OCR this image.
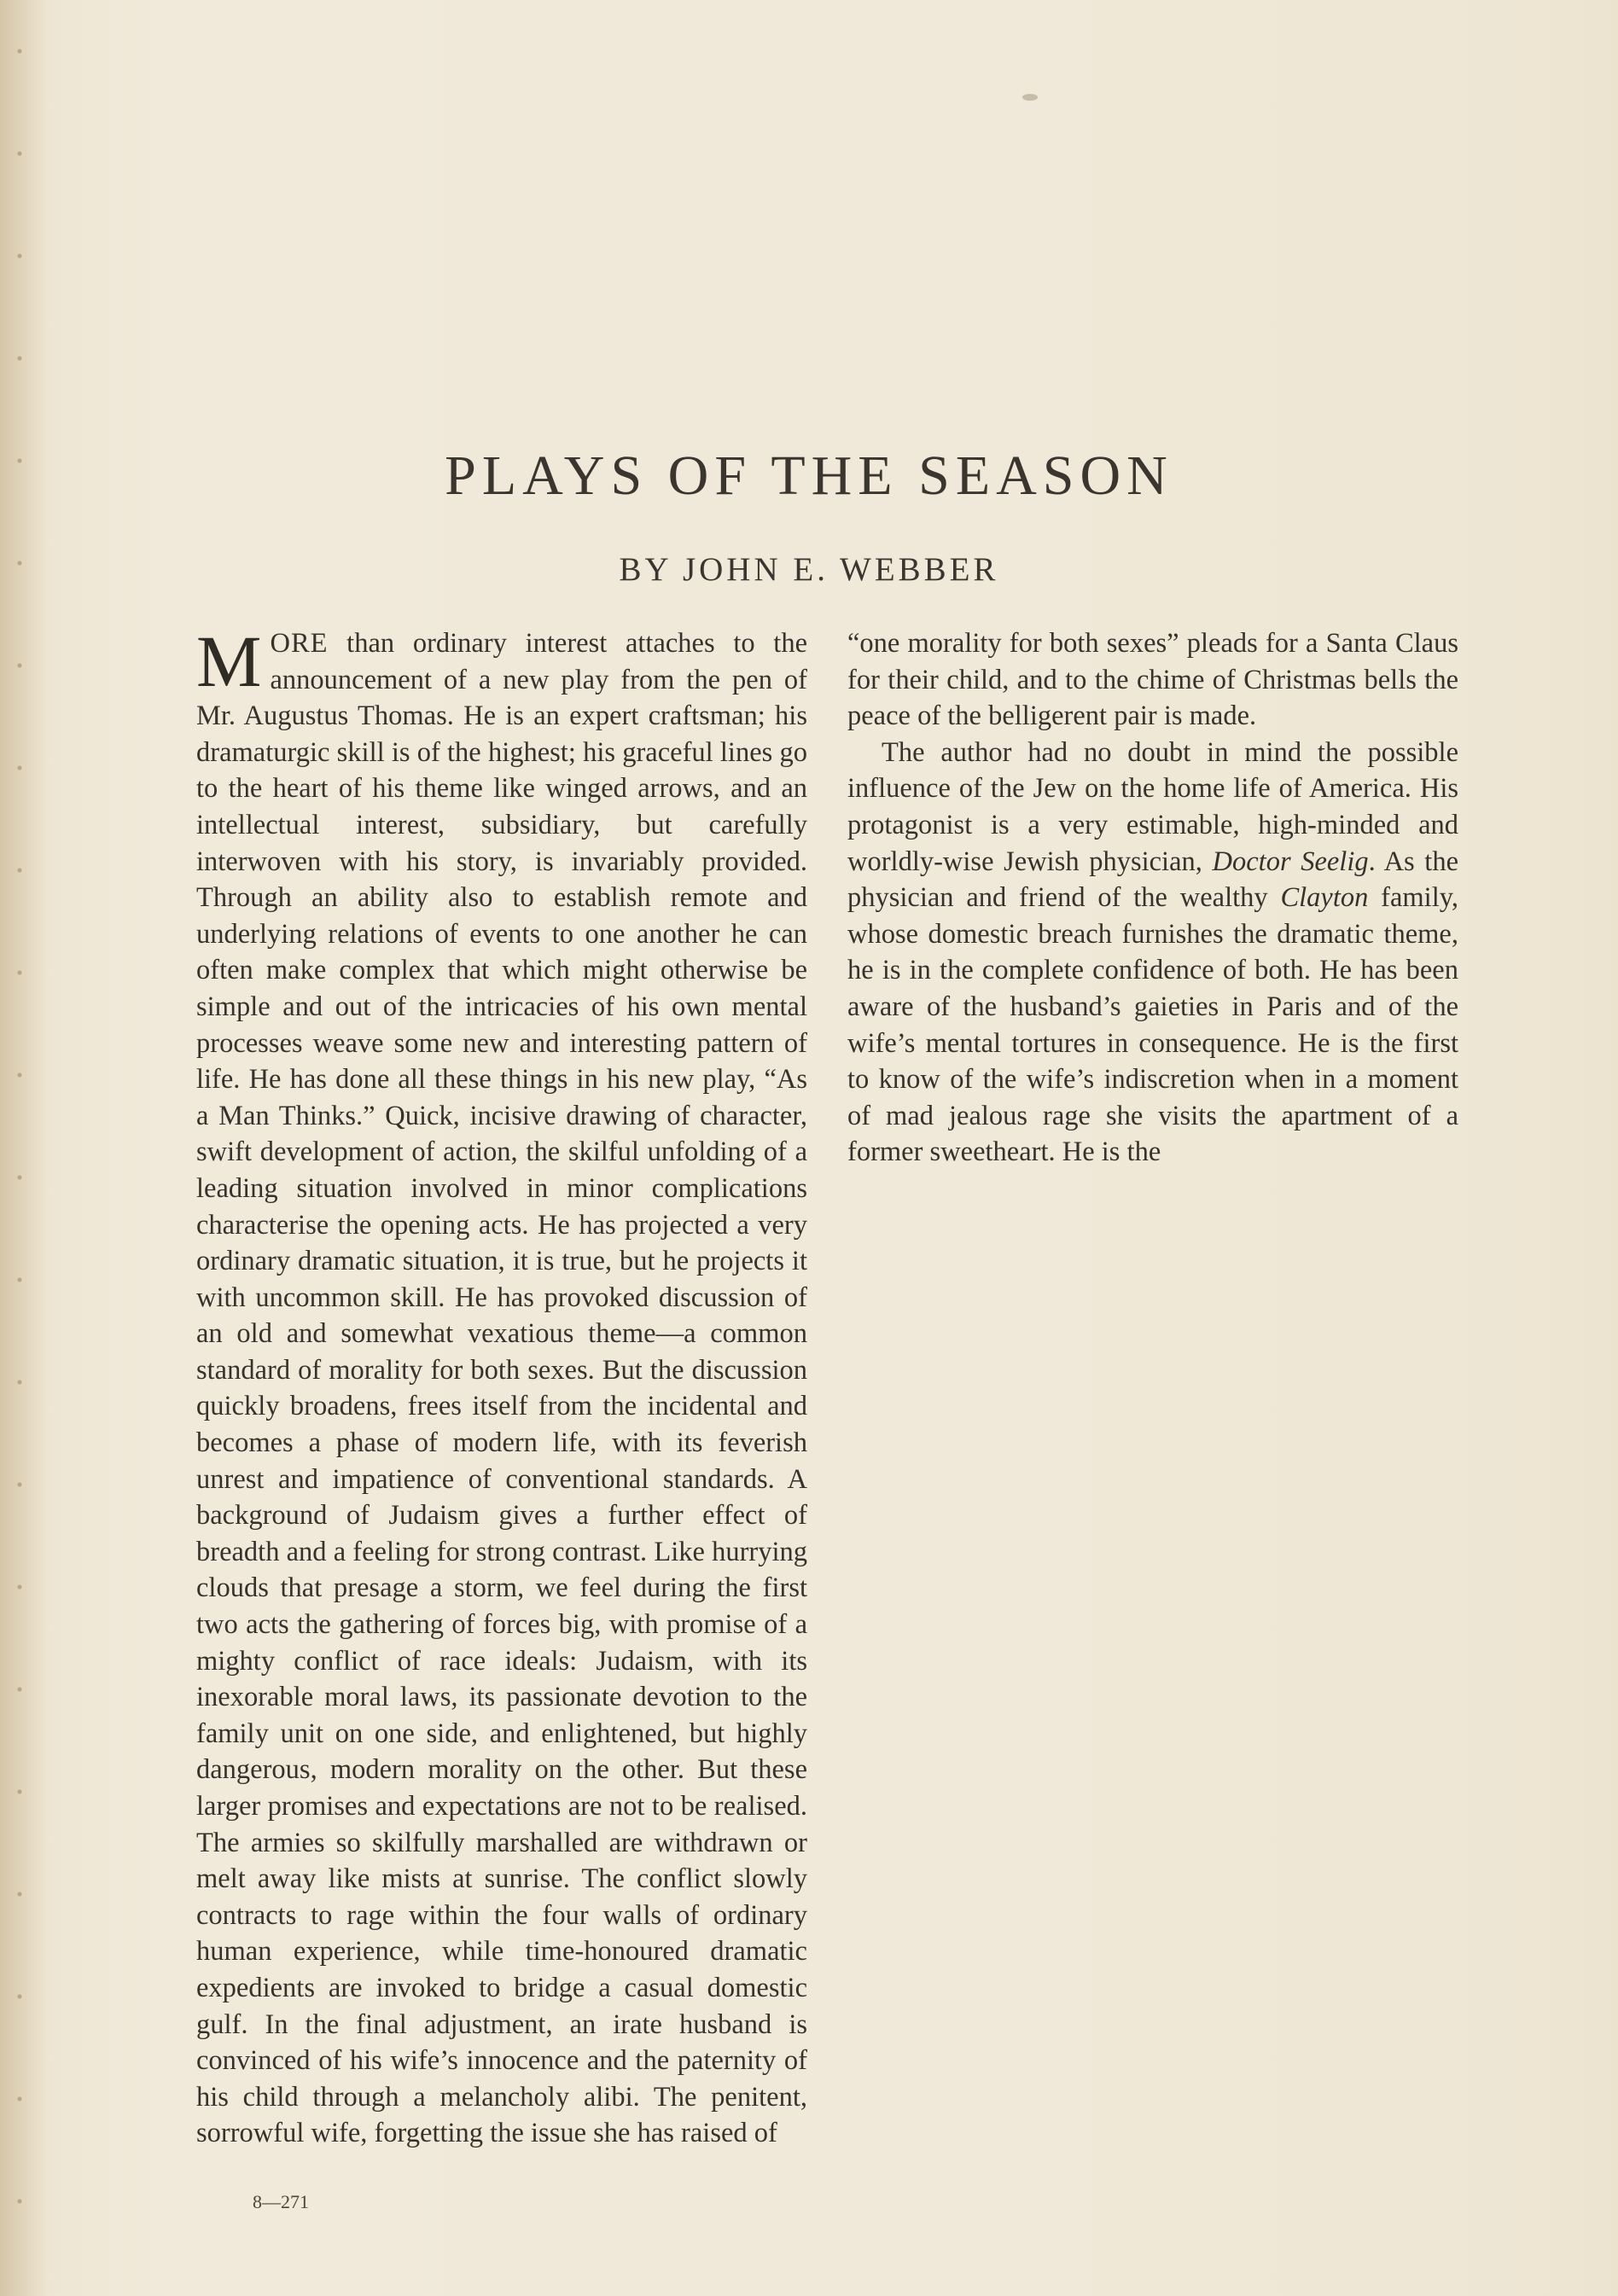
PLAYS OF THE SEASON
BY JOHN E. WEBBER

MORE than ordinary interest attaches to the announcement of a new play from the pen of Mr. Augustus Thomas. He is an expert craftsman; his dramaturgic skill is of the highest; his graceful lines go to the heart of his theme like winged arrows, and an intellectual interest, subsidiary, but carefully interwoven with his story, is invariably provided. Through an ability also to establish remote and underlying relations of events to one another he can often make complex that which might otherwise be simple and out of the intricacies of his own mental processes weave some new and interesting pattern of life. He has done all these things in his new play, “As a Man Thinks.” Quick, incisive drawing of character, swift development of action, the skilful unfolding of a leading situation involved in minor complications characterise the opening acts. He has projected a very ordinary dramatic situation, it is true, but he projects it with uncommon skill. He has provoked discussion of an old and somewhat vexatious theme—a common standard of morality for both sexes. But the discussion quickly broadens, frees itself from the incidental and becomes a phase of modern life, with its feverish unrest and impatience of conventional standards. A background of Judaism gives a further effect of breadth and a feeling for strong contrast. Like hurrying clouds that presage a storm, we feel during the first two acts the gathering of forces big, with promise of a mighty conflict of race ideals: Judaism, with its inexorable moral laws, its passionate devotion to the family unit on one side, and enlightened, but highly dangerous, modern morality on the other. But these larger promises and expectations are not to be realised. The armies so skilfully marshalled are withdrawn or melt away like mists at sunrise. The conflict slowly contracts to rage within the four walls of ordinary human experience, while time-honoured dramatic expedients are invoked to bridge a casual domestic gulf. In the final adjustment, an irate husband is convinced of his wife’s innocence and the paternity of his child through a melancholy alibi. The penitent, sorrowful wife, forgetting the issue she has raised of

“one morality for both sexes” pleads for a Santa Claus for their child, and to the chime of Christmas bells the peace of the belligerent pair is made.

The author had no doubt in mind the possible influence of the Jew on the home life of America. His protagonist is a very estimable, high-minded and worldly-wise Jewish physician, Doctor Seelig. As the physician and friend of the wealthy Clayton family, whose domestic breach furnishes the dramatic theme, he is in the complete confidence of both. He has been aware of the husband’s gaieties in Paris and of the wife’s mental tortures in consequence. He is the first to know of the wife’s indiscretion when in a moment of mad jealous rage she visits the apartment of a former sweetheart. He is the

8—271
